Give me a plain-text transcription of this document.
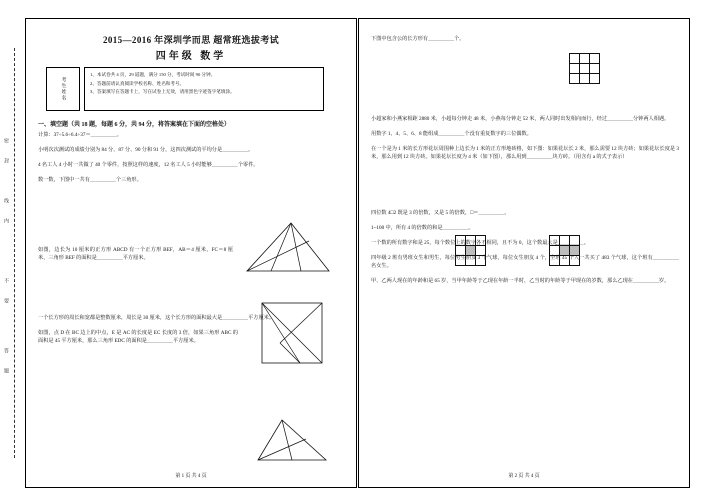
密
封
线
内
不
要
答
题
2015—2016 年深圳学而思 超常班选拔考试
四年级 数学
考生姓名
1、本试卷共 4 页，29 道题，满分 150 分，考试时间 90 分钟。
2、答题前请认真阅读学校名称、姓名和考号。
3、答案填写在答题卡上，写在试卷上无效，请用黑色字迹签字笔填涂。
一、填空题（共 18 题，每题 6 分，共 94 分，将答案填在下面的空格处）
计算：37÷5.6÷6.4÷37＝＿＿＿＿＿。
小明次次测试的成绩分别为 84 分、87 分、90 分和 91 分，这四次测试的平均分是＿＿＿＿＿。
4 名工人 4 小时一共做了 40 个零件，按照这样的速度，12 名工人 5 小时能够＿＿＿＿＿个零件。
数一数，下图中一共有＿＿＿＿＿个三角形。
如图，边长为 10 厘米的正方形 ABCD 有一个正方形 BEF，AB＝4 厘米，FC＝8 厘米，三角形 BEF 的面积是＿＿＿＿＿平方厘米。
一个长方形的周长和宽都是整数厘米，周长是 30 厘米，这个长方形的面积最大是＿＿＿＿＿平方厘米。
如图，点 D 在 BC 边上的中点，E 是 AC 的长度是 EC 长度的 3 倍，如果三角形 ABC 的面积是 45 平方厘米，那么三角形 EDC 的面积是＿＿＿＿＿平方厘米。
第 1 页 共 4 页
下图中包含公的长方形有＿＿＿＿＿个。
小超家和小燕家相距 2880 米，小超每分钟走 48 米，小燕每分钟走 52 米，两人同时出发相向而行，经过＿＿＿＿＿分钟两人相遇。
用数字 1、4、5、6、8 能组成＿＿＿＿＿个没有重复数字的三位偶数。
在一个是为 1 米的长方形花坛周围种上边长为 1 米的正方形地砖格，如下图：如果花坛长 2 米，那么需要 12 块方砖；如果花坛长度是 3 米，那么用到 12 块方砖。如果花坛长度为 4 米（如下图），那么用到＿＿＿＿＿块方砖。（用含有 a 的式子表示）
四位数 4□2 既是 3 的倍数，又是 5 的倍数，□＝＿＿＿＿＿。
1~100 中，所有 4 的倍数的和是＿＿＿＿＿。
一个数的所有数字和是 25，每个数位上的数字各不相同，且不为 0，这个数最大是＿＿＿＿＿。
四年级 2 班有男班女生和男生，每位男生朋友 3 个气球，每位女生朋友 4 个，全班 45 个人一共买了 483 个气球，这个班有＿＿＿＿＿名女生。
甲、乙两人现在的年龄和是 65 岁，当甲年龄等于乙现在年龄一半时，乙当时的年龄等于甲现在的岁数，那么乙现在＿＿＿＿＿岁。

第 2 页 共 4 页
